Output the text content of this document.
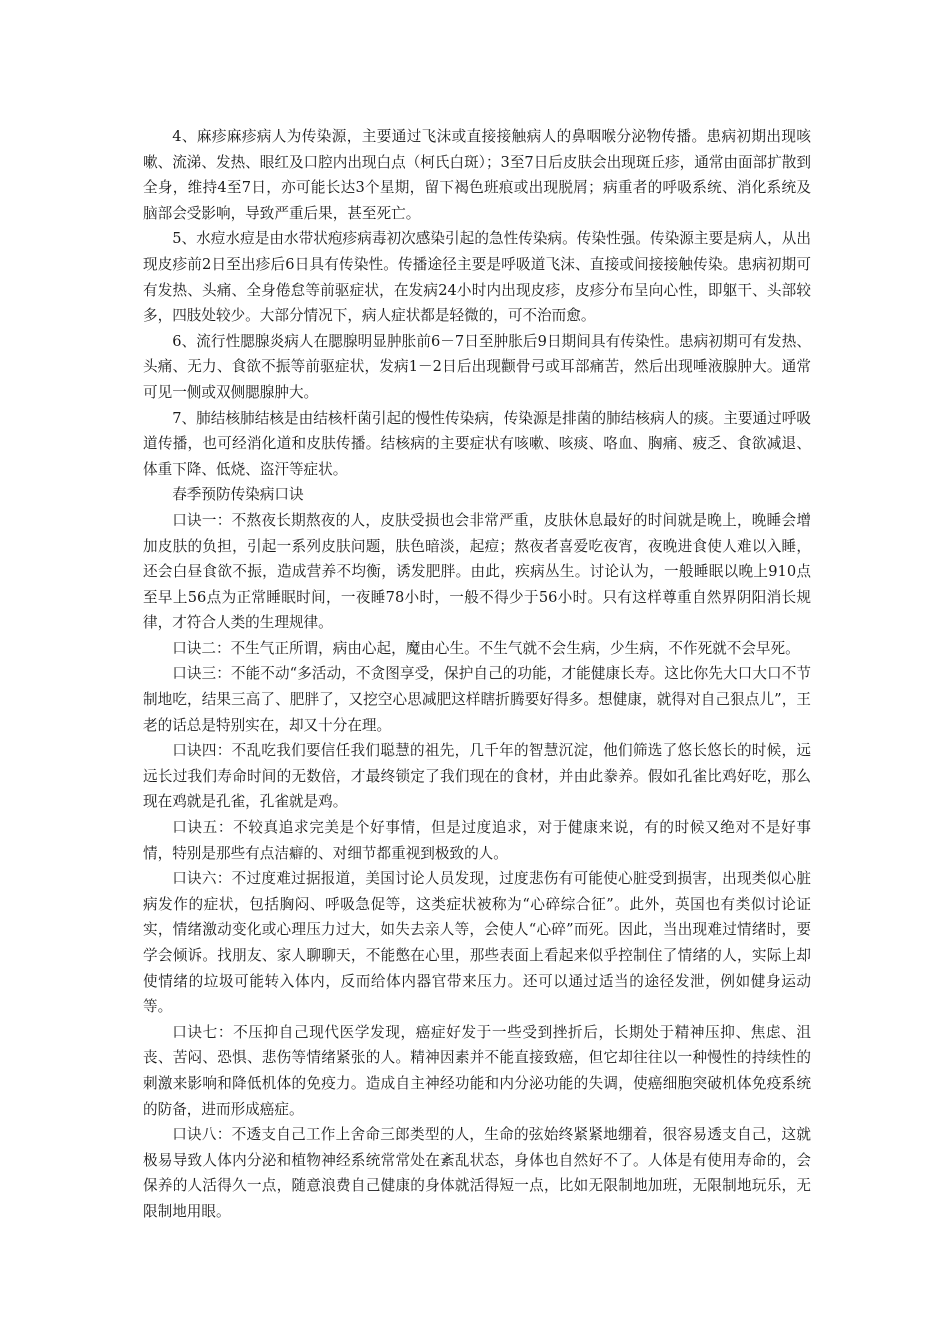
4、麻疹麻疹病人为传染源，主要通过飞沫或直接接触病人的鼻咽喉分泌物传播。患病初期出现咳嗽、流涕、发热、眼红及口腔内出现白点（柯氏白斑）；3至7日后皮肤会出现斑丘疹，通常由面部扩散到全身，维持4至7日，亦可能长达3个星期，留下褐色班痕或出现脱屑；病重者的呼吸系统、消化系统及脑部会受影响，导致严重后果，甚至死亡。

5、水痘水痘是由水带状疱疹病毒初次感染引起的急性传染病。传染性强。传染源主要是病人，从出现皮疹前2日至出疹后6日具有传染性。传播途径主要是呼吸道飞沫、直接或间接接触传染。患病初期可有发热、头痛、全身倦怠等前驱症状，在发病24小时内出现皮疹，皮疹分布呈向心性，即躯干、头部较多，四肢处较少。大部分情况下，病人症状都是轻微的，可不治而愈。

6、流行性腮腺炎病人在腮腺明显肿胀前6－7日至肿胀后9日期间具有传染性。患病初期可有发热、头痛、无力、食欲不振等前驱症状，发病1－2日后出现颧骨弓或耳部痛苦，然后出现唾液腺肿大。通常可见一侧或双侧腮腺肿大。

7、肺结核肺结核是由结核杆菌引起的慢性传染病，传染源是排菌的肺结核病人的痰。主要通过呼吸道传播，也可经消化道和皮肤传播。结核病的主要症状有咳嗽、咳痰、咯血、胸痛、疲乏、食欲减退、体重下降、低烧、盗汗等症状。

春季预防传染病口诀

口诀一：不熬夜长期熬夜的人，皮肤受损也会非常严重，皮肤休息最好的时间就是晚上，晚睡会增加皮肤的负担，引起一系列皮肤问题，肤色暗淡，起痘；熬夜者喜爱吃夜宵，夜晚进食使人难以入睡，还会白昼食欲不振，造成营养不均衡，诱发肥胖。由此，疾病丛生。讨论认为，一般睡眠以晚上910点至早上56点为正常睡眠时间，一夜睡78小时，一般不得少于56小时。只有这样尊重自然界阴阳消长规律，才符合人类的生理规律。

口诀二：不生气正所谓，病由心起，魔由心生。不生气就不会生病，少生病，不作死就不会早死。

口诀三：不能不动“多活动，不贪图享受，保护自己的功能，才能健康长寿。这比你先大口大口不节制地吃，结果三高了、肥胖了，又挖空心思减肥这样瞎折腾要好得多。想健康，就得对自己狠点儿”，王老的话总是特别实在，却又十分在理。

口诀四：不乱吃我们要信任我们聪慧的祖先，几千年的智慧沉淀，他们筛选了悠长悠长的时候，远远长过我们寿命时间的无数倍，才最终锁定了我们现在的食材，并由此豢养。假如孔雀比鸡好吃，那么现在鸡就是孔雀，孔雀就是鸡。

口诀五：不较真追求完美是个好事情，但是过度追求，对于健康来说，有的时候又绝对不是好事情，特别是那些有点洁癖的、对细节都重视到极致的人。

口诀六：不过度难过据报道，美国讨论人员发现，过度悲伤有可能使心脏受到损害，出现类似心脏病发作的症状，包括胸闷、呼吸急促等，这类症状被称为“心碎综合征”。此外，英国也有类似讨论证实，情绪激动变化或心理压力过大，如失去亲人等，会使人“心碎”而死。因此，当出现难过情绪时，要学会倾诉。找朋友、家人聊聊天，不能憋在心里，那些表面上看起来似乎控制住了情绪的人，实际上却使情绪的垃圾可能转入体内，反而给体内器官带来压力。还可以通过适当的途径发泄，例如健身运动等。

口诀七：不压抑自己现代医学发现，癌症好发于一些受到挫折后，长期处于精神压抑、焦虑、沮丧、苦闷、恐惧、悲伤等情绪紧张的人。精神因素并不能直接致癌，但它却往往以一种慢性的持续性的刺激来影响和降低机体的免疫力。造成自主神经功能和内分泌功能的失调，使癌细胞突破机体免疫系统的防备，进而形成癌症。

口诀八：不透支自己工作上舍命三郎类型的人，生命的弦始终紧紧地绷着，很容易透支自己，这就极易导致人体内分泌和植物神经系统常常处在紊乱状态，身体也自然好不了。人体是有使用寿命的，会保养的人活得久一点，随意浪费自己健康的身体就活得短一点，比如无限制地加班，无限制地玩乐，无限制地用眼。
